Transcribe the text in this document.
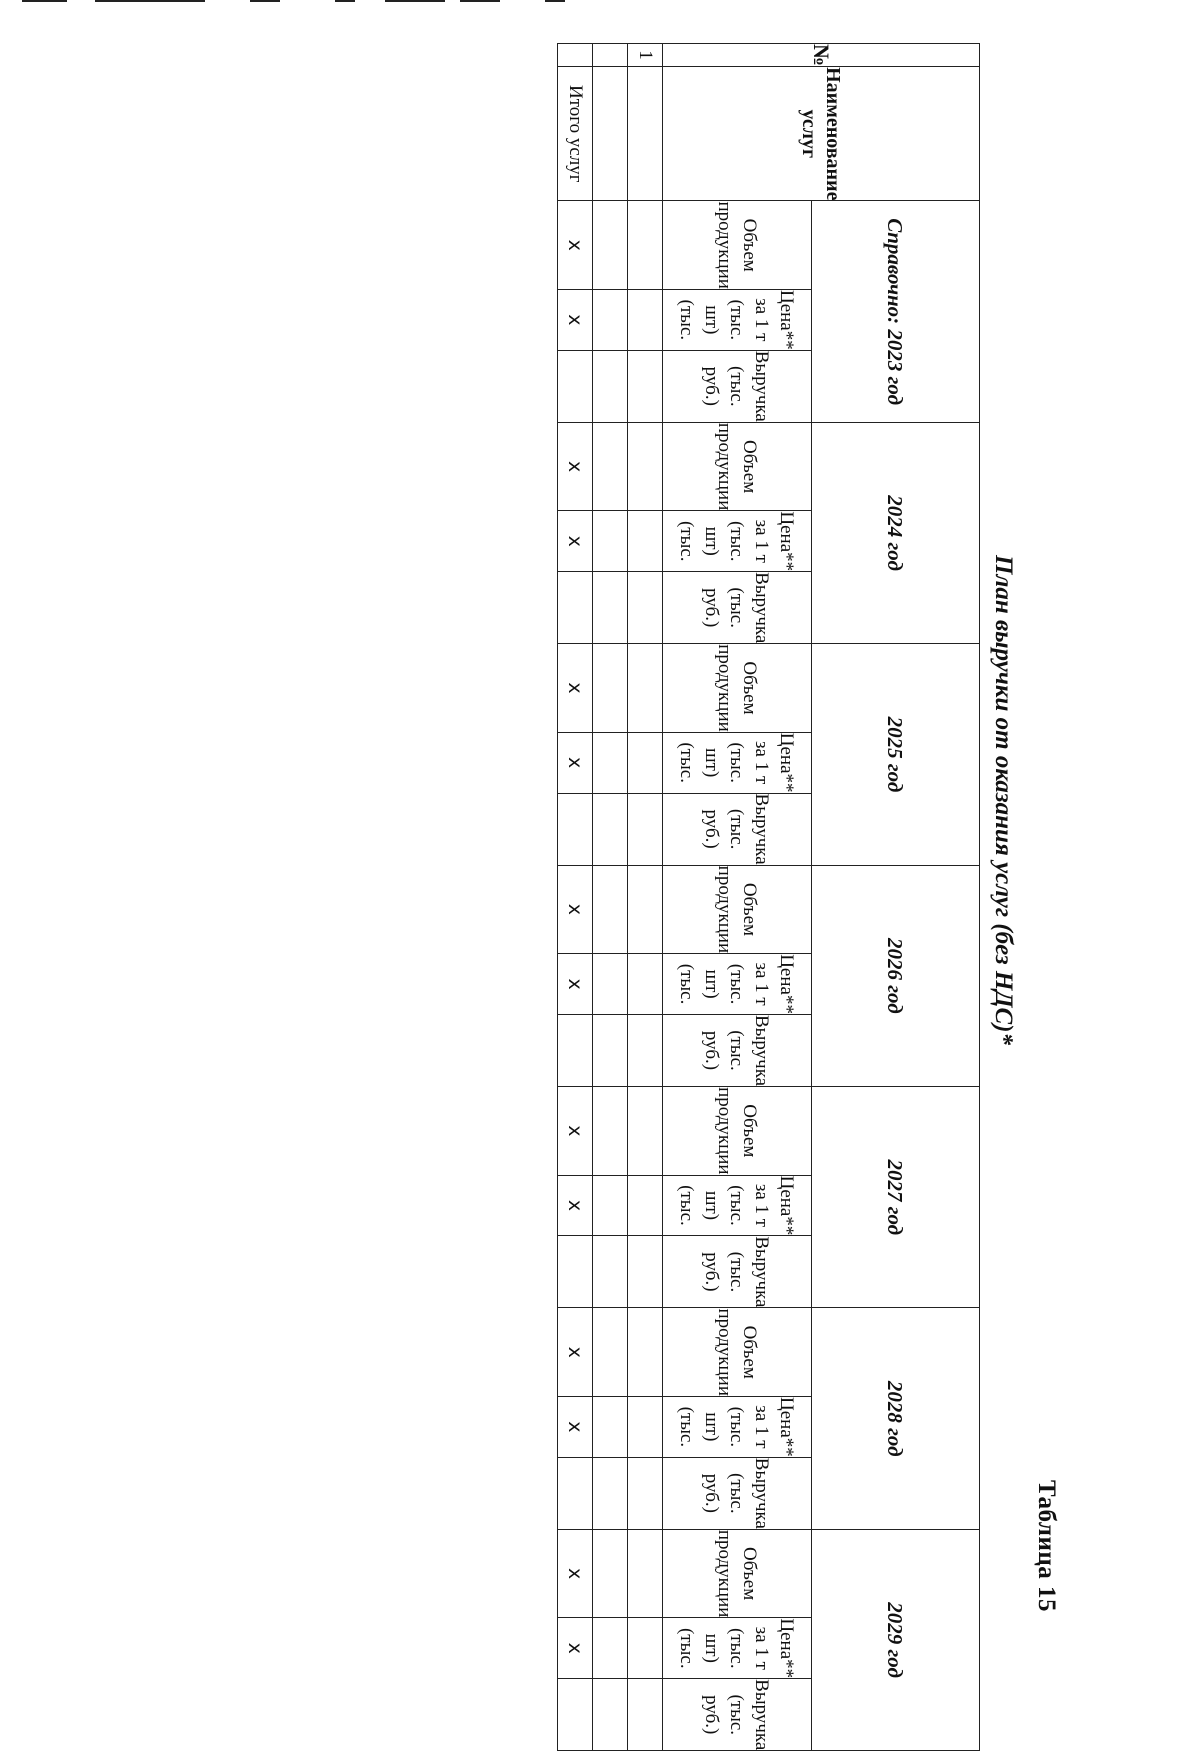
Таблица 15
План выручки от оказания услуг (без НДС)*
№	Наименование услуг	Справочно: 2023 год			2024 год			2025 год			2026 год			2027 год			2028 год			2029 год		

		Объем продукции	Цена** за 1 т (тыс. шт) (тыс.	Выручка (тыс. руб.)	Объем продукции	Цена** за 1 т (тыс. шт) (тыс.	Выручка (тыс. руб.)	Объем продукции	Цена** за 1 т (тыс. шт) (тыс.	Выручка (тыс. руб.)	Объем продукции	Цена** за 1 т (тыс. шт) (тыс.	Выручка (тыс. руб.)	Объем продукции	Цена** за 1 т (тыс. шт) (тыс.	Выручка (тыс. руб.)	Объем продукции	Цена** за 1 т (тыс. шт) (тыс.	Выручка (тыс. руб.)	Объем продукции	Цена** за 1 т (тыс. шт) (тыс.	Выручка (тыс. руб.)

1																						

	Итого услуг	х	х		х	х		х	х		х	х		х	х		х	х		х	х	
